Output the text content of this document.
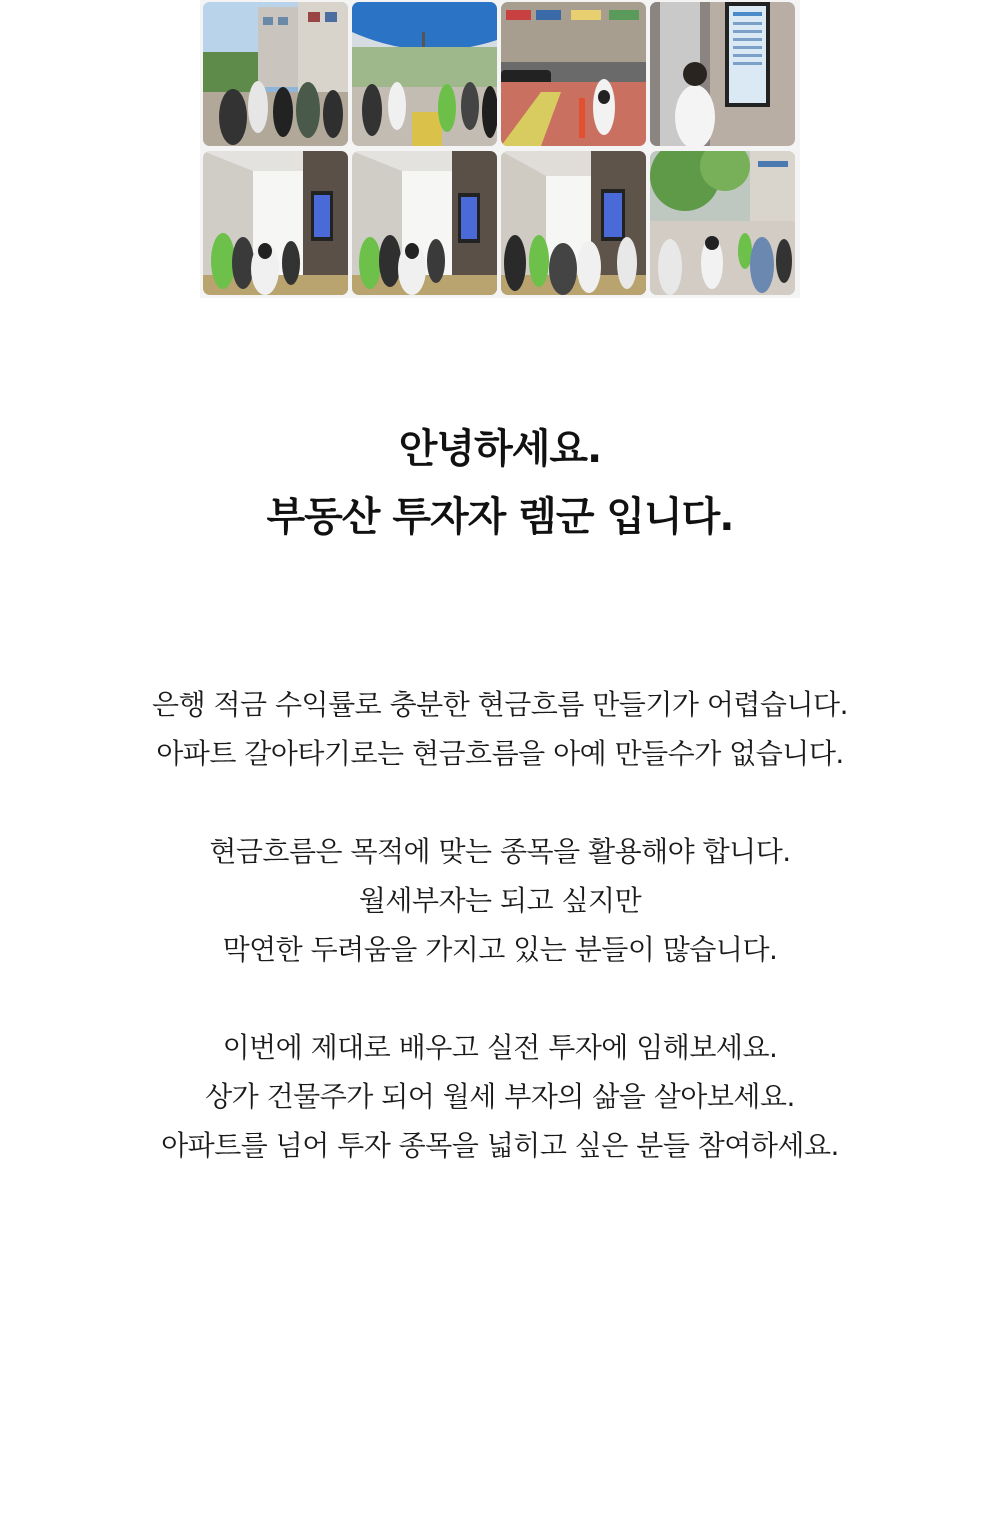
안녕하세요.
부동산 투자자 렘군 입니다.
은행 적금 수익률로 충분한 현금흐름 만들기가 어렵습니다.
아파트 갈아타기로는 현금흐름을 아예 만들수가 없습니다.
현금흐름은 목적에 맞는 종목을 활용해야 합니다.
월세부자는 되고 싶지만
막연한 두려움을 가지고 있는 분들이 많습니다.
이번에 제대로 배우고 실전 투자에 임해보세요.
상가 건물주가 되어 월세 부자의 삶을 살아보세요.
아파트를 넘어 투자 종목을 넓히고 싶은 분들 참여하세요.
